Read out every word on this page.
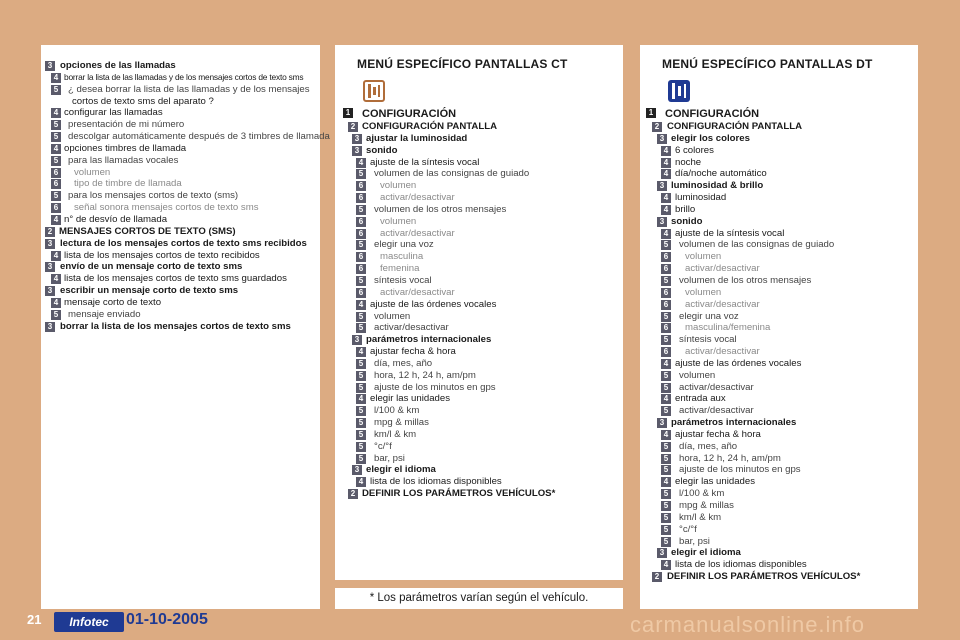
3 opciones de las llamadas
4 borrar la lista de las llamadas y de los mensajes cortos de texto sms
5 ¿ desea borrar la lista de las llamadas y de los mensajes
cortos de texto sms del aparato ?
4 configurar las llamadas
5 presentación de mi número
5 descolgar automáticamente después de 3 timbres de llamada
4 opciones timbres de llamada
5 para las llamadas vocales
6 volumen
6 tipo de timbre de llamada
5 para los mensajes cortos de texto (sms)
6 señal sonora mensajes cortos de texto sms
4 n° de desvío de llamada
2 MENSAJES CORTOS DE TEXTO (SMS)
3 lectura de los mensajes cortos de texto sms recibidos
4 lista de los mensajes cortos de texto recibidos
3 envío de un mensaje corto de texto sms
4 lista de los mensajes cortos de texto sms guardados
3 escribir un mensaje corto de texto sms
4 mensaje corto de texto
5 mensaje enviado
3 borrar la lista de los mensajes cortos de texto sms
MENÚ ESPECÍFICO PANTALLAS CT
1 CONFIGURACIÓN
2 CONFIGURACIÓN PANTALLA
3 ajustar la luminosidad
3 sonido
4 ajuste de la síntesis vocal
5 volumen de las consignas de guiado
6 volumen
6 activar/desactivar
5 volumen de los otros mensajes
6 volumen
6 activar/desactivar
5 elegir una voz
6 masculina
6 femenina
5 síntesis vocal
6 activar/desactivar
4 ajuste de las órdenes vocales
5 volumen
5 activar/desactivar
3 parámetros internacionales
4 ajustar fecha & hora
5 día, mes, año
5 hora, 12 h, 24 h, am/pm
5 ajuste de los minutos en gps
4 elegir las unidades
5 l/100 & km
5 mpg & millas
5 km/l & km
5 °c/°f
5 bar, psi
3 elegir el idioma
4 lista de los idiomas disponibles
2 DEFINIR LOS PARÁMETROS VEHÍCULOS*
MENÚ ESPECÍFICO PANTALLAS DT
1 CONFIGURACIÓN
2 CONFIGURACIÓN PANTALLA
3 elegir los colores
4 6 colores
4 noche
4 día/noche automático
3 luminosidad & brillo
4 luminosidad
4 brillo
3 sonido
4 ajuste de la síntesis vocal
5 volumen de las consignas de guiado
6 volumen
6 activar/desactivar
5 volumen de los otros mensajes
6 volumen
6 activar/desactivar
5 elegir una voz
6 masculina/femenina
5 síntesis vocal
6 activar/desactivar
4 ajuste de las órdenes vocales
5 volumen
5 activar/desactivar
4 entrada aux
5 activar/desactivar
3 parámetros internacionales
4 ajustar fecha & hora
5 día, mes, año
5 hora, 12 h, 24 h, am/pm
5 ajuste de los minutos en gps
4 elegir las unidades
5 l/100 & km
5 mpg & millas
5 km/l & km
5 °c/°f
5 bar, psi
3 elegir el idioma
4 lista de los idiomas disponibles
2 DEFINIR LOS PARÁMETROS VEHÍCULOS*
* Los parámetros varían según el vehículo.
21	Infotec	01-10-2005	carmanualsonline.info
